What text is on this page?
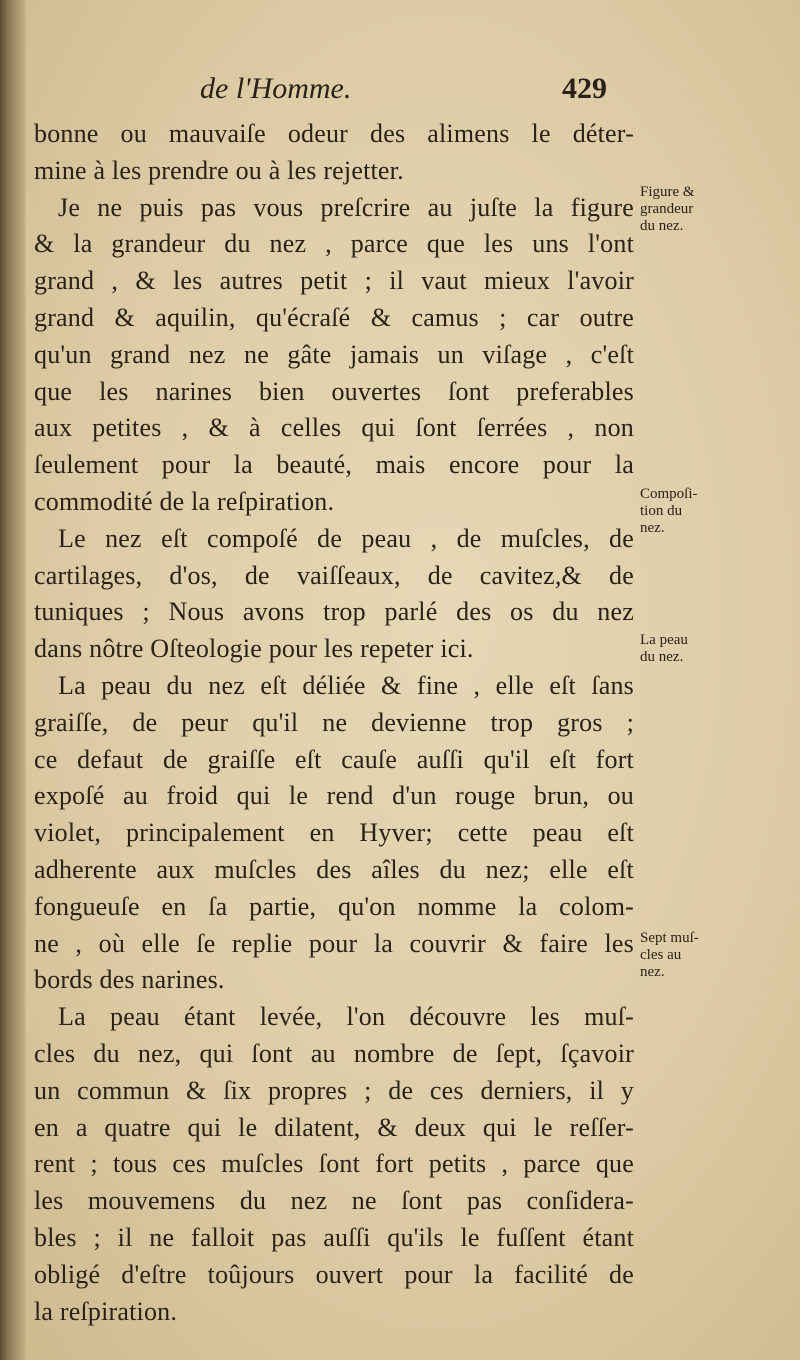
de l'Homme.	429
bonne ou mauvaiſe odeur des alimens le déter-
mine à les prendre ou à les rejetter.
Je ne puis pas vous preſcrire au juſte la figure
& la grandeur du nez , parce que les uns l'ont
grand , & les autres petit ; il vaut mieux l'avoir
grand & aquilin, qu'écraſé & camus ; car outre
qu'un grand nez ne gâte jamais un viſage , c'eſt
que les narines bien ouvertes ſont preferables
aux petites , & à celles qui ſont ſerrées , non
ſeulement pour la beauté, mais encore pour la
commodité de la reſpiration.
Le nez eſt compoſé de peau , de muſcles, de
cartilages, d'os, de vaiſſeaux, de cavitez,& de
tuniques ; Nous avons trop parlé des os du nez
dans nôtre Oſteologie pour les repeter ici.
La peau du nez eſt déliée & fine , elle eſt ſans
graiſſe, de peur qu'il ne devienne trop gros ;
ce defaut de graiſſe eſt cauſe auſſi qu'il eſt fort
expoſé au froid qui le rend d'un rouge brun, ou
violet, principalement en Hyver; cette peau eſt
adherente aux muſcles des aîles du nez; elle eſt
fongueuſe en ſa partie, qu'on nomme la colom-
ne , où elle ſe replie pour la couvrir & faire les
bords des narines.
La peau étant levée, l'on découvre les muſ-
cles du nez, qui ſont au nombre de ſept, ſçavoir
un commun & ſix propres ; de ces derniers, il y
en a quatre qui le dilatent, & deux qui le reſſer-
rent ; tous ces muſcles ſont fort petits , parce que
les mouvemens du nez ne ſont pas conſidera-
bles ; il ne falloit pas auſſi qu'ils le fuſſent étant
obligé d'eſtre toûjours ouvert pour la facilité de
la reſpiration.
Figure &
grandeur
du nez.
Compoſi-
tion du
nez.
La peau
du nez.
Sept muſ-
cles au
nez.
